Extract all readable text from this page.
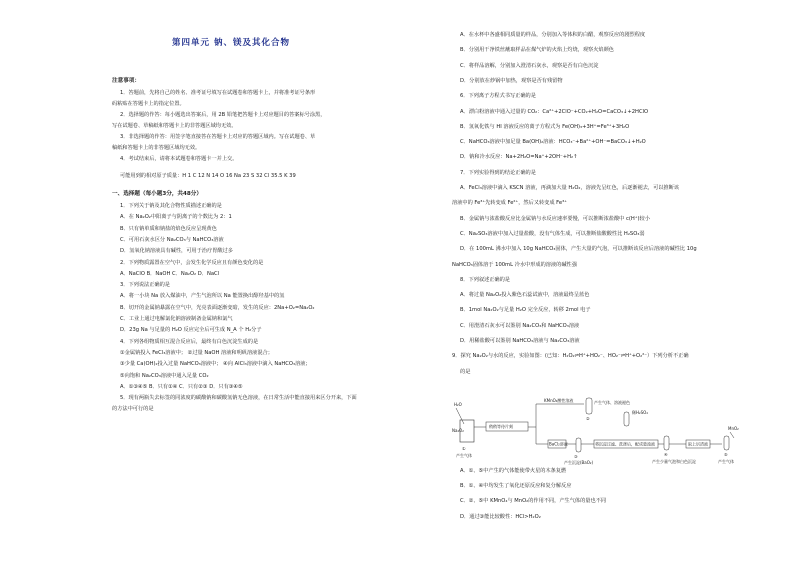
第四单元 钠、镁及其化合物
H₂O
Na₂O₂
①
产生气体
稍稍等待片刻
KMnO₄酸性溶液	产生气体、溶液褪色
②
BaCl₂溶液
③
产生沉淀(BaO₂)
将沉淀过滤、洗涤后，配成悬浊液
稀H₂SO₄
④
产生少量气泡和白色沉淀
取上层清液
MnO₂
⑤
产生气体
注意事项：
1．答题前，先将自己的姓名、准考证号填写在试题卷和答题卡上，并将准考证号条形
码粘贴在答题卡上的指定位置。
2．选择题的作答：每小题选出答案后，用 2B 铅笔把答题卡上对应题目的答案标号涂黑，
写在试题卷、草稿纸和答题卡上的非答题区域均无效。
3．非选择题的作答：用签字笔直接答在答题卡上对应的答题区域内。写在试题卷、草
稿纸和答题卡上的非答题区域均无效。
4．考试结束后，请将本试题卷和答题卡一并上交。
可能用到的相对原子质量：H 1 C 12 N 14 O 16 Na 23 S 32 Cl 35.5 K 39
一、选择题（每小题3分，共48分）
1．下列关于钠及其化合物性质描述正确的是
A．在 Na₂O₂中阳离子与阴离子的个数比为 2：1
B．只有钠单质和钠盐的焰色反应呈现黄色
C．可用石灰水区分 Na₂CO₃与 NaHCO₃溶液
D．氢氧化钠溶液具有碱性，可用于治疗胃酸过多
2．下列物质露置在空气中，会发生化学反应且有颜色变化的是
A．NaClO B．NaOH C．Na₂O₂ D．NaCl
3．下列说法正确的是
A．将一小块 Na 放入煤油中，产生气泡所以 Na 能置换出醇羟基中的氢
B．切开的金属钠暴露在空气中，光亮表面逐渐变暗，发生的反应：2Na+O₂=Na₂O₂
C．工业上通过电解氯化钠溶液制备金属钠和氯气
D．23g Na 与足量的 H₂O 反应完全后可生成 N_A 个 H₂分子
4．下列各组物质相互混合反应后，最终有白色沉淀生成的是
①金属钠投入 FeCl₃溶液中； ②过量 NaOH 溶液和明矾溶液混合；
③少量 Ca(OH)₂投入过量 NaHCO₃溶液中； ④向 AlCl₃溶液中滴入 NaHCO₃溶液；
⑤向饱和 Na₂CO₃溶液中通入足量 CO₂
A．①③④⑤ B．只有①④ C．只有②③ D．只有③④⑤
5．现有两瓶失去标签的同浓度的碳酸钠和碳酸氢钠无色溶液，在日常生活中能直接用来区分开来，下面
的方法中可行的是
A．在水杯中各盛相同质量的样品，分别加入等体积的白醋，观察反应的剧烈程度
B．分别用干净铁丝蘸取样品在煤气炉的火焰上灼烧，观察火焰颜色
C．将样品溶解，分别加入澄清石灰水，观察是否有白色沉淀
D．分别放在炒锅中加热，观察是否有残留物
6．下列离子方程式书写正确的是
A．漂白粉溶液中通入过量的 CO₂：Ca²⁺+2ClO⁻+CO₂+H₂O=CaCO₃↓+2HClO
B．氢氧化铁与 HI 溶液反应的离子方程式为 Fe(OH)₃+3H⁺=Fe³⁺+3H₂O
C．NaHCO₃溶液中加足量 Ba(OH)₂溶液：HCO₃⁻+Ba²⁺+OH⁻=BaCO₃↓+H₂O
D．钠和冷水反应：Na+2H₂O=Na⁺+2OH⁻+H₂↑
7．下列实验得到的结论正确的是
A．FeCl₃溶液中滴入 KSCN 溶液，再滴加大量 H₂O₂，溶液先呈红色，后逐渐褪去，可以推断该
溶液中的 Fe³⁺先转变成 Fe²⁺，然后又转变成 Fe³⁺
B．金属钠与浓盐酸反应比金属钠与水反应速率要慢，可以推断浓盐酸中 c(H⁺)较小
C．Na₂SO₃溶液中加入过量盐酸，没有气体生成，可以推断盐酸酸性比 H₂SO₃弱
D．在 100mL 沸水中加入 10g NaHCO₃固体，产生大量的气泡，可以推断该反应后溶液的碱性比 10g
NaHCO₃固体溶于 100mL 冷水中形成的溶液的碱性强
8．下列叙述正确的是
A．将过量 Na₂O₂投入紫色石蕊试液中，溶液最终呈蓝色
B．1mol Na₂O₂与足量 H₂O 完全反应，转移 2mol 电子
C．用澄清石灰水可以鉴别 Na₂CO₃和 NaHCO₃溶液
D．用稀盐酸可以鉴别 NaHCO₃溶液与 Na₂CO₃溶液
9．探究 Na₂O₂与水的反应，实验如图：(已知：H₂O₂⇌H⁺+HO₂⁻、HO₂⁻⇌H⁺+O₂²⁻）下列分析不正确
的是
A．①、⑤中产生的气体能使带火星的木条复燃
B．①、④中均发生了氧化还原反应和复分解反应
C．②、⑤中 KMnO₄与 MnO₂的作用不同，产生气体的量也不同
D．通过③能比较酸性：HCl>H₂O₂
